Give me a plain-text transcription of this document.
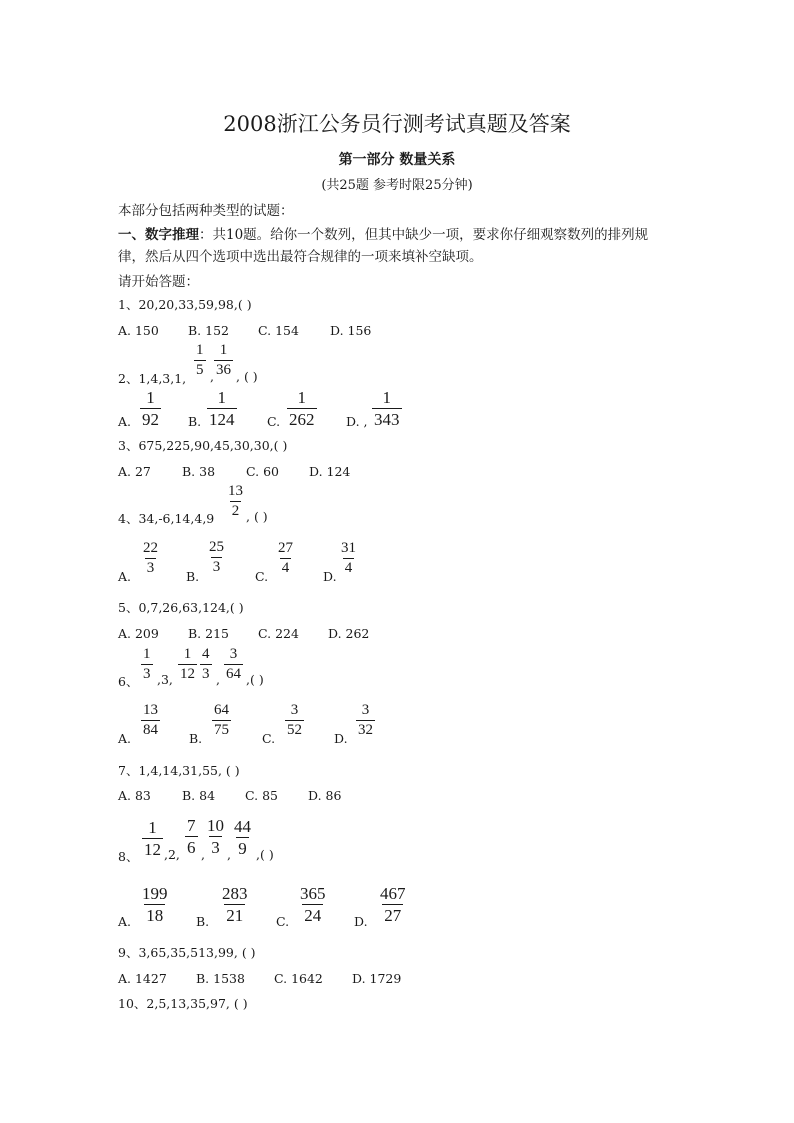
2008浙江公务员行测考试真题及答案
第一部分 数量关系
(共25题 参考时限25分钟)
本部分包括两种类型的试题：
一、数字推理：共10题。给你一个数列，但其中缺少一项，要求你仔细观察数列的排列规
律，然后从四个选项中选出最符合规律的一项来填补空缺项。
请开始答题：
1、20,20,33,59,98,( )
A. 150 B. 152 C. 154 D. 156
2、1,4,3,1,
1
5 ,
1
36 , ( )
A.
1
92 B.
1
124	C.
1
262	D. ,
1
343
3、675,225,90,45,30,30,( )
A. 27 B. 38 C. 60 D. 124
4、34,-6,14,4,9
13
2 , ( )
A.
22
3
B.
25
3
C.
27
4
D.
31
4
5、0,7,26,63,124,( )
A. 209 B. 215 C. 224 D. 262
6、
1
3 ,3,
1
12
4
3 ,
3
64 ,( )
A.
13
84
B.
64
75
C.
3
52
D.
3
32
7、1,4,14,31,55, ( )
A. 83 B. 84 C. 85 D. 86
8、
1
12 ,2,
7
6 ,
10
3 ,
44
9 ,( )
A.
199
18	B.
283
21	C.
365
24	D.
467
27
9、3,65,35,513,99, ( )
A. 1427 B. 1538 C. 1642 D. 1729
10、2,5,13,35,97, ( )
